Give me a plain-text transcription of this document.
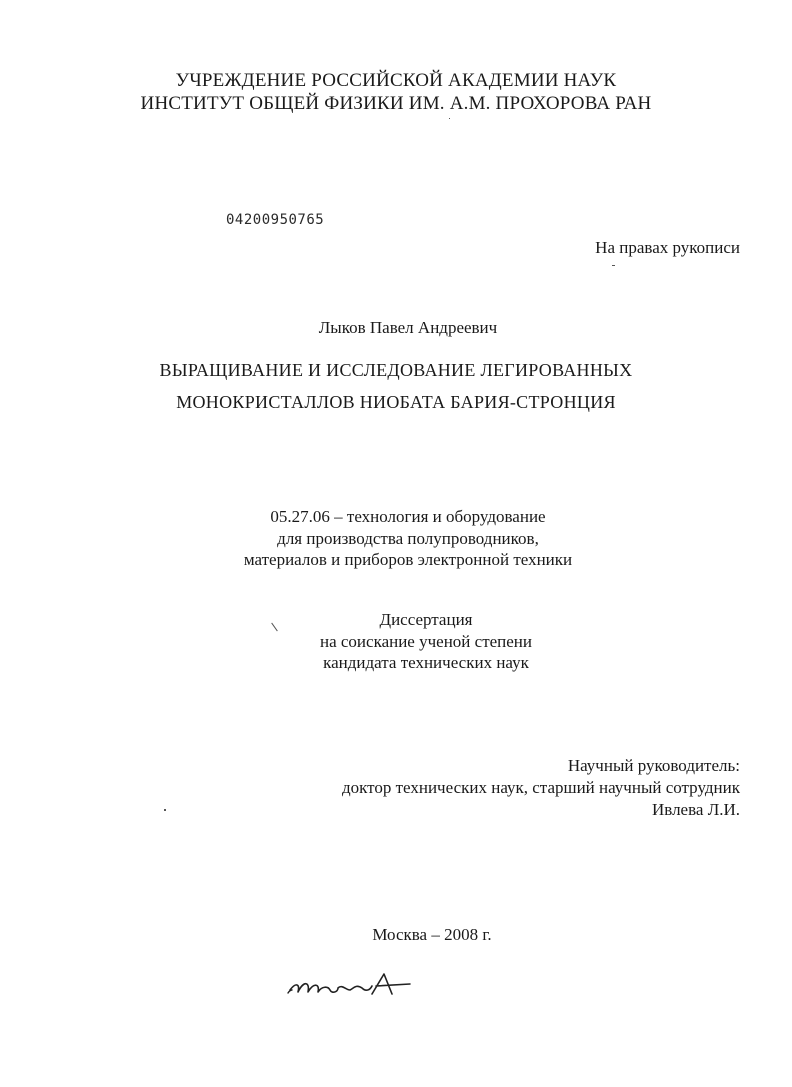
УЧРЕЖДЕНИЕ РОССИЙСКОЙ АКАДЕМИИ НАУК

ИНСТИТУТ ОБЩЕЙ ФИЗИКИ ИМ. А.М. ПРОХОРОВА РАН

04200950765

На правах рукописи

Лыков Павел Андреевич

ВЫРАЩИВАНИЕ И ИССЛЕДОВАНИЕ ЛЕГИРОВАННЫХ

МОНОКРИСТАЛЛОВ НИОБАТА БАРИЯ-СТРОНЦИЯ

05.27.06 – технология и оборудование

для производства полупроводников,

материалов и приборов электронной техники

Диссертация

на соискание ученой степени

кандидата технических наук

Научный руководитель:

доктор технических наук, старший научный сотрудник

Ивлева Л.И.

Москва – 2008 г.
